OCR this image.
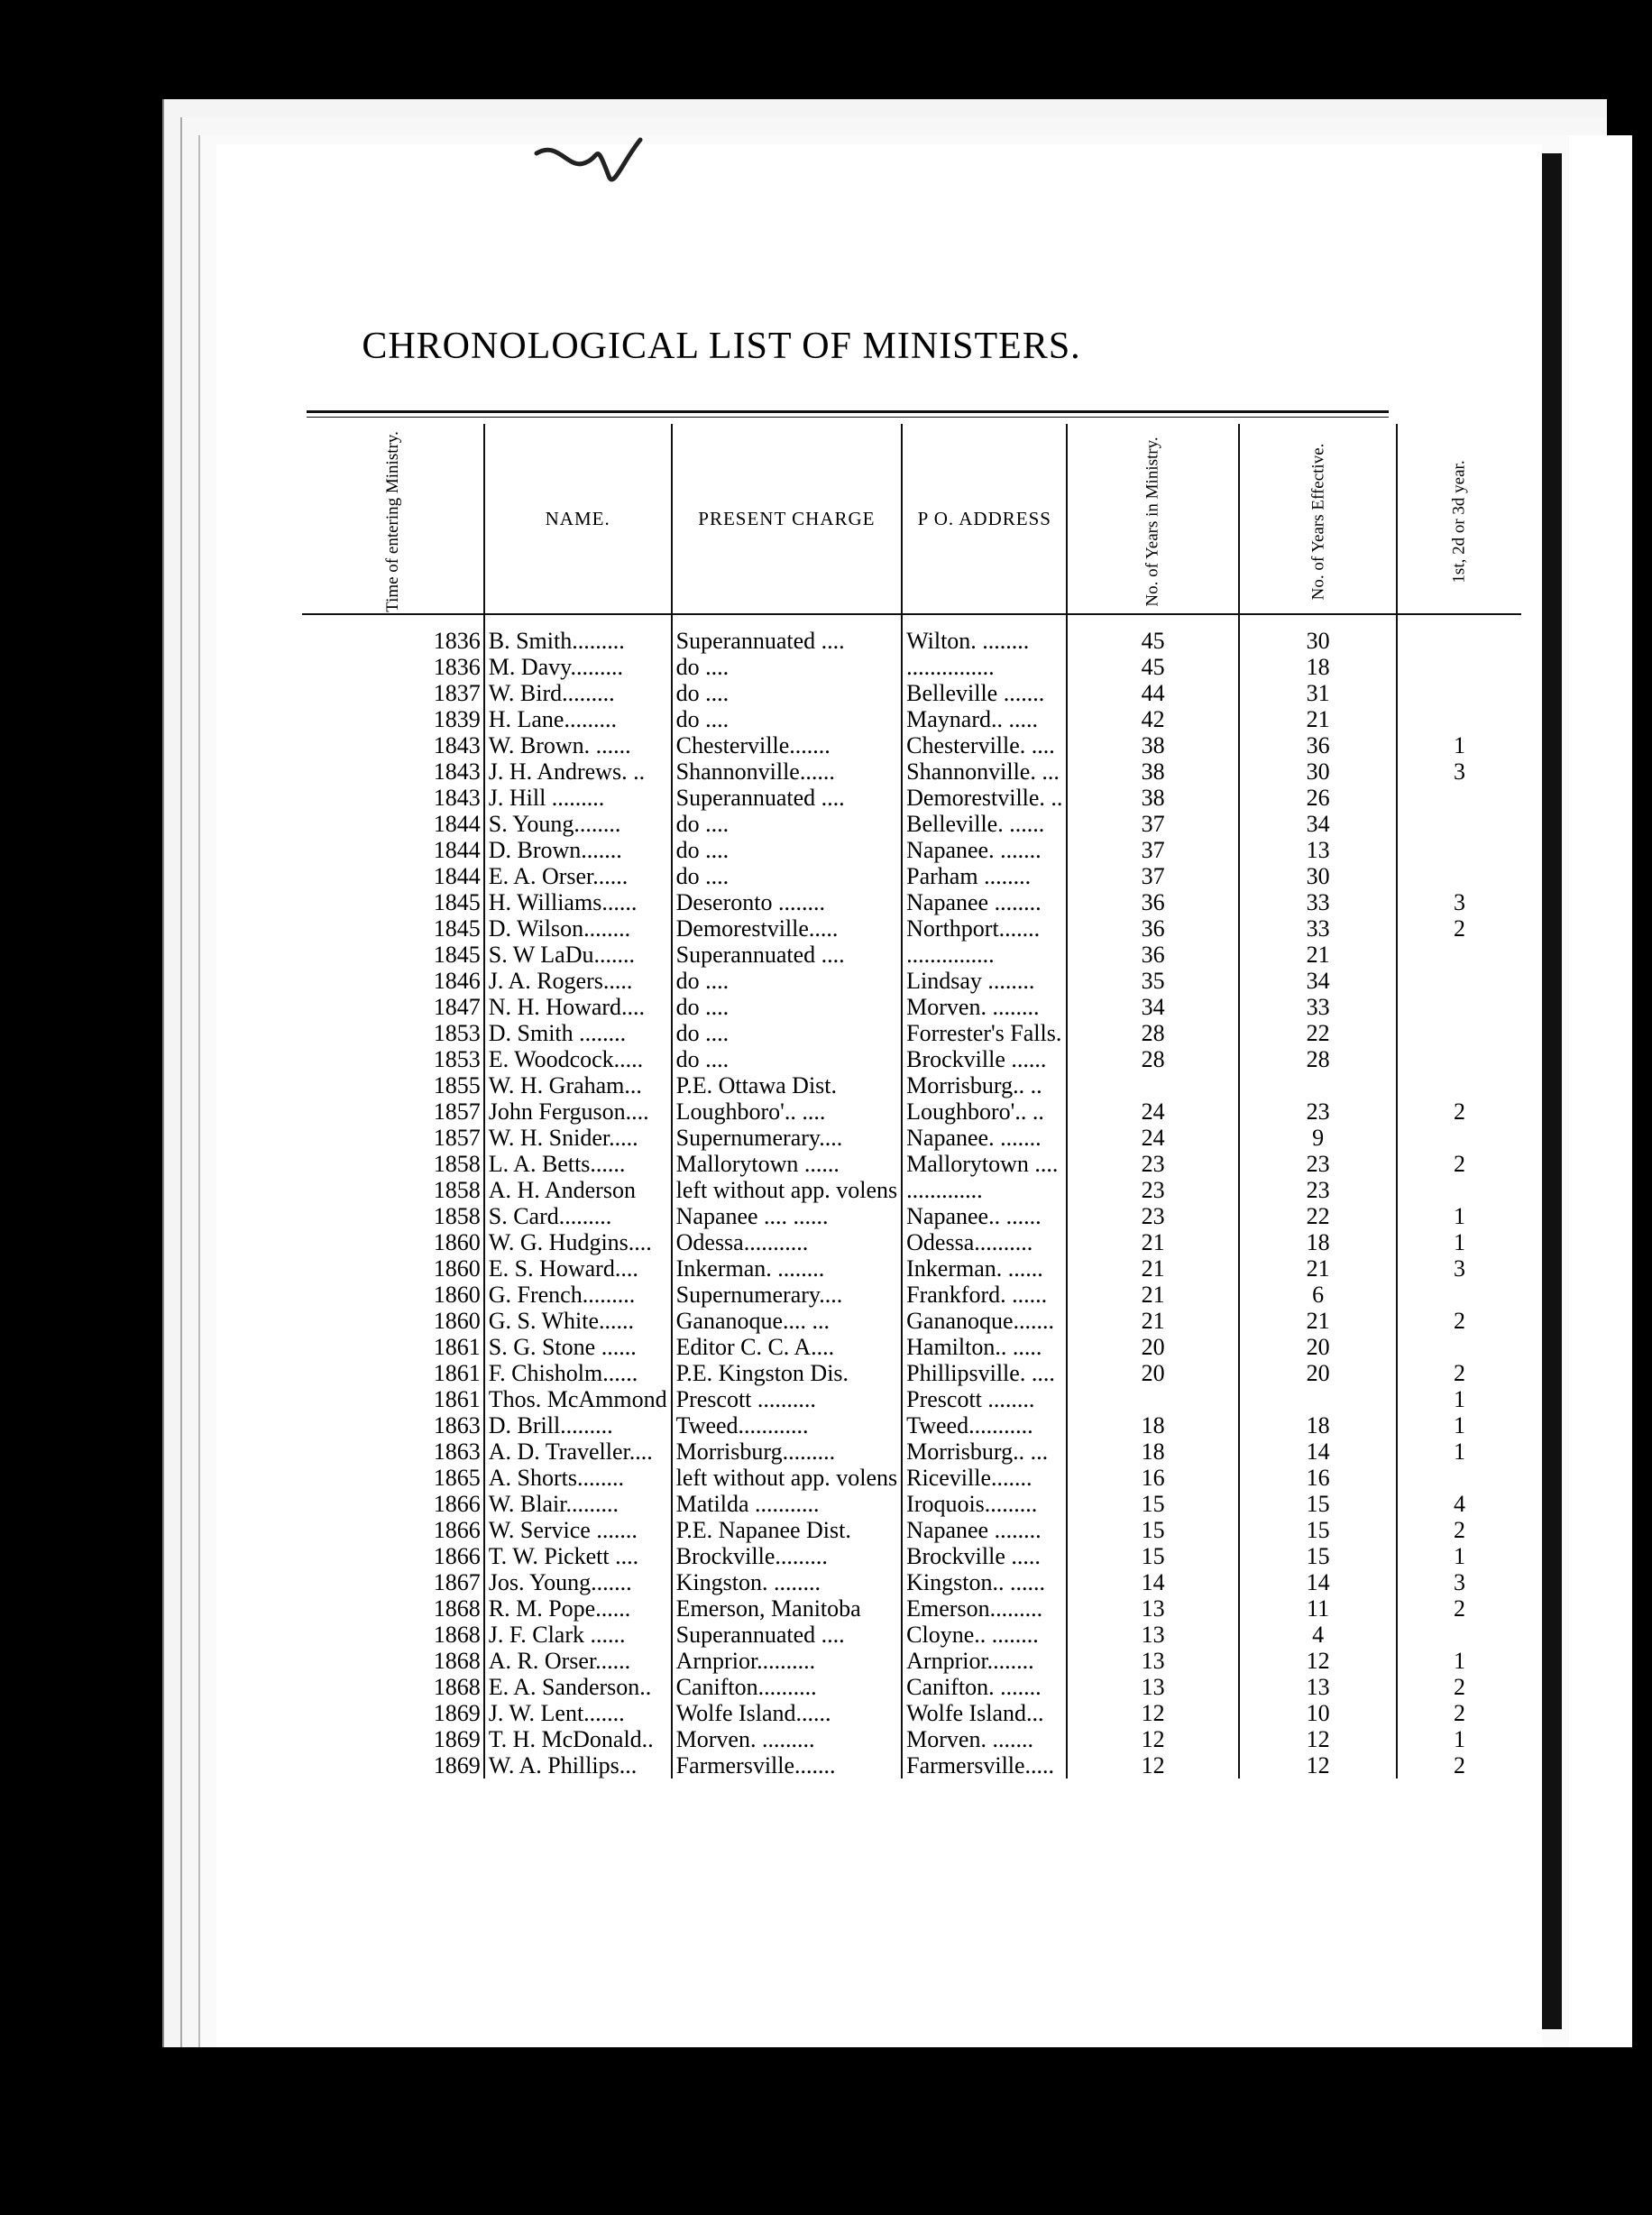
CHRONOLOGICAL LIST OF MINISTERS.
Time of entering Ministry.	NAME.	PRESENT CHARGE	P O. ADDRESS	No. of Years in Ministry.	No. of Years Effective.	1st, 2d or 3d year.
1836	B. Smith.........	Superannuated ....	Wilton. ........	45	30	
1836	M. Davy.........	do ....	...............	45	18	
1837	W. Bird.........	do ....	Belleville .......	44	31	
1839	H. Lane.........	do ....	Maynard.. .....	42	21	
1843	W. Brown. ......	Chesterville.......	Chesterville. ....	38	36	1
1843	J. H. Andrews. ..	Shannonville......	Shannonville. ...	38	30	3
1843	J. Hill .........	Superannuated ....	Demorestville. ..	38	26	
1844	S. Young........	do ....	Belleville. ......	37	34	
1844	D. Brown.......	do ....	Napanee. .......	37	13	
1844	E. A. Orser......	do ....	Parham ........	37	30	
1845	H. Williams......	Deseronto ........	Napanee ........	36	33	3
1845	D. Wilson........	Demorestville.....	Northport.......	36	33	2
1845	S. W LaDu.......	Superannuated ....	...............	36	21	
1846	J. A. Rogers.....	do ....	Lindsay ........	35	34	
1847	N. H. Howard....	do ....	Morven. ........	34	33	
1853	D. Smith ........	do ....	Forrester's Falls.	28	22	
1853	E. Woodcock.....	do ....	Brockville ......	28	28	
1855	W. H. Graham...	P.E. Ottawa Dist.	Morrisburg.. ..			
1857	John Ferguson....	Loughboro'.. ....	Loughboro'.. ..	24	23	2
1857	W. H. Snider.....	Supernumerary....	Napanee. .......	24	9	
1858	L. A. Betts......	Mallorytown ......	Mallorytown ....	23	23	2
1858	A. H. Anderson	left without app. volens	.............	23	23	
1858	S. Card.........	Napanee .... ......	Napanee.. ......	23	22	1
1860	W. G. Hudgins....	Odessa...........	Odessa..........	21	18	1
1860	E. S. Howard....	Inkerman. ........	Inkerman. ......	21	21	3
1860	G. French.........	Supernumerary....	Frankford. ......	21	6	
1860	G. S. White......	Gananoque.... ...	Gananoque.......	21	21	2
1861	S. G. Stone ......	Editor C. C. A....	Hamilton.. .....	20	20	
1861	F. Chisholm......	P.E. Kingston Dis.	Phillipsville. ....	20	20	2
1861	Thos. McAmmond	Prescott ..........	Prescott ........			1
1863	D. Brill.........	Tweed............	Tweed...........	18	18	1
1863	A. D. Traveller....	Morrisburg.........	Morrisburg.. ...	18	14	1
1865	A. Shorts........	left without app. volens	Riceville.......	16	16	
1866	W. Blair.........	Matilda ...........	Iroquois.........	15	15	4
1866	W. Service .......	P.E. Napanee Dist.	Napanee ........	15	15	2
1866	T. W. Pickett ....	Brockville.........	Brockville .....	15	15	1
1867	Jos. Young.......	Kingston. ........	Kingston.. ......	14	14	3
1868	R. M. Pope......	Emerson, Manitoba	Emerson.........	13	11	2
1868	J. F. Clark ......	Superannuated ....	Cloyne.. ........	13	4	
1868	A. R. Orser......	Arnprior..........	Arnprior........	13	12	1
1868	E. A. Sanderson..	Canifton..........	Canifton. .......	13	13	2
1869	J. W. Lent.......	Wolfe Island......	Wolfe Island...	12	10	2
1869	T. H. McDonald..	Morven. .........	Morven. .......	12	12	1
1869	W. A. Phillips...	Farmersville.......	Farmersville.....	12	12	2
